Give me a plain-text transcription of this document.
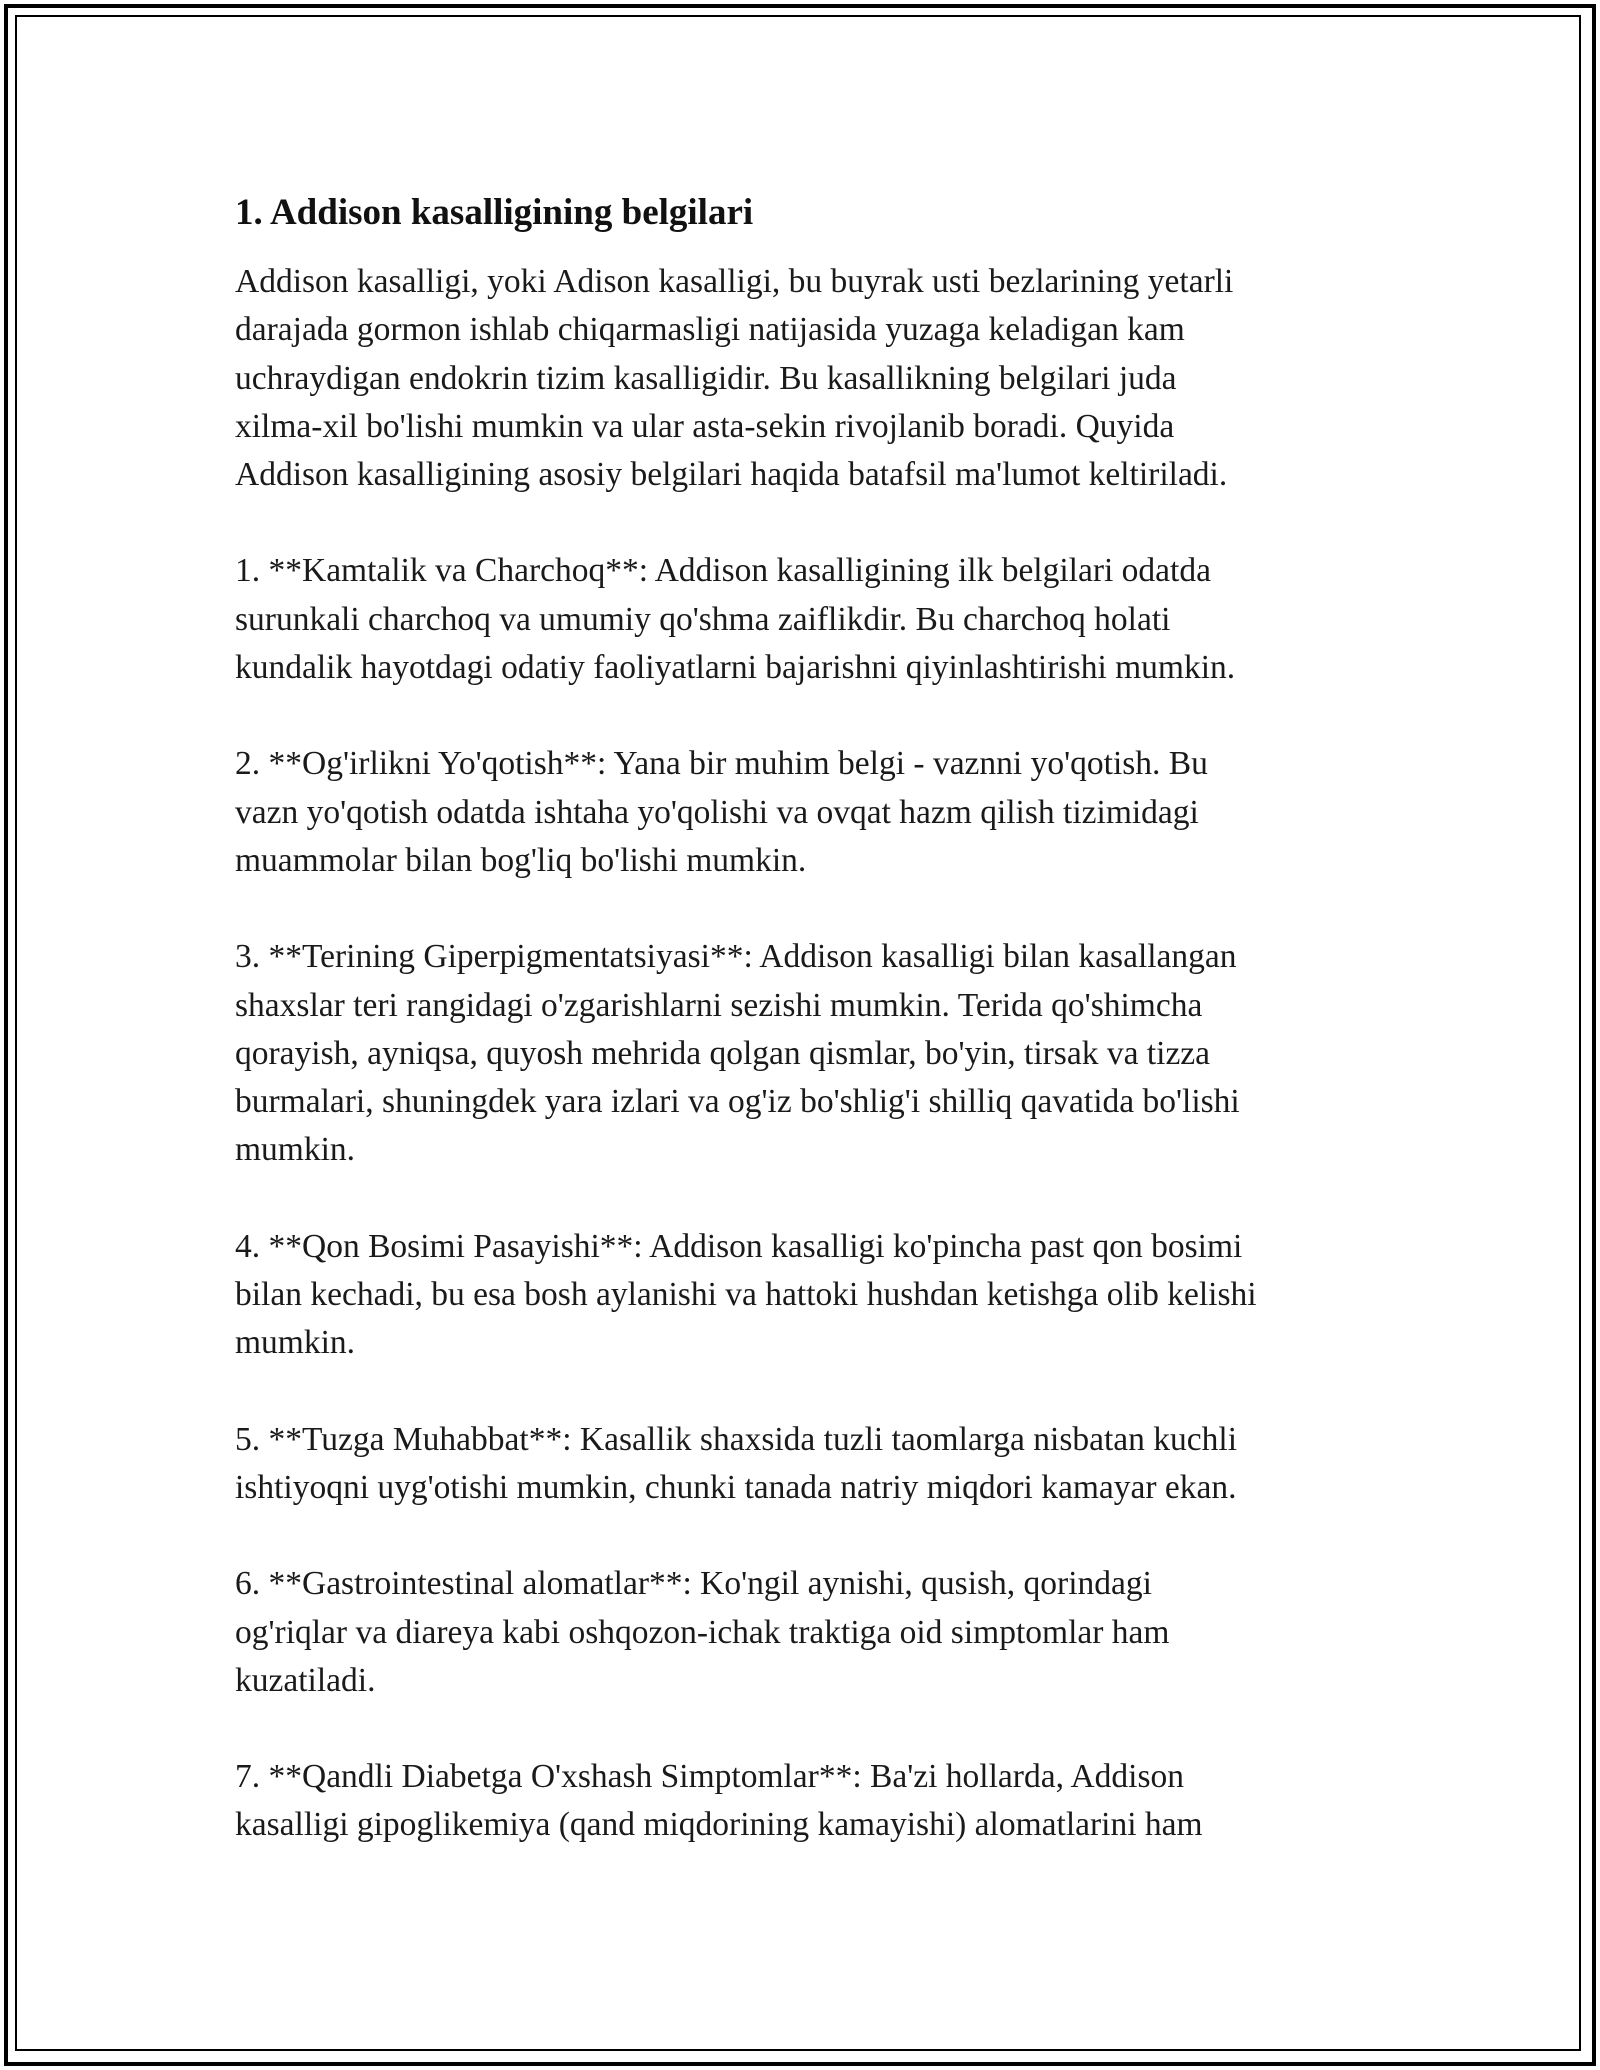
1. Addison kasalligining belgilari

Addison kasalligi, yoki Adison kasalligi, bu buyrak usti bezlarining yetarli
darajada gormon ishlab chiqarmasligi natijasida yuzaga keladigan kam
uchraydigan endokrin tizim kasalligidir. Bu kasallikning belgilari juda
xilma-xil bo'lishi mumkin va ular asta-sekin rivojlanib boradi. Quyida
Addison kasalligining asosiy belgilari haqida batafsil ma'lumot keltiriladi.

1. **Kamtalik va Charchoq**: Addison kasalligining ilk belgilari odatda
surunkali charchoq va umumiy qo'shma zaiflikdir. Bu charchoq holati
kundalik hayotdagi odatiy faoliyatlarni bajarishni qiyinlashtirishi mumkin.

2. **Og'irlikni Yo'qotish**: Yana bir muhim belgi - vaznni yo'qotish. Bu
vazn yo'qotish odatda ishtaha yo'qolishi va ovqat hazm qilish tizimidagi
muammolar bilan bog'liq bo'lishi mumkin.

3. **Terining Giperpigmentatsiyasi**: Addison kasalligi bilan kasallangan
shaxslar teri rangidagi o'zgarishlarni sezishi mumkin. Terida qo'shimcha
qorayish, ayniqsa, quyosh mehrida qolgan qismlar, bo'yin, tirsak va tizza
burmalari, shuningdek yara izlari va og'iz bo'shlig'i shilliq qavatida bo'lishi
mumkin.

4. **Qon Bosimi Pasayishi**: Addison kasalligi ko'pincha past qon bosimi
bilan kechadi, bu esa bosh aylanishi va hattoki hushdan ketishga olib kelishi
mumkin.

5. **Tuzga Muhabbat**: Kasallik shaxsida tuzli taomlarga nisbatan kuchli
ishtiyoqni uyg'otishi mumkin, chunki tanada natriy miqdori kamayar ekan.

6. **Gastrointestinal alomatlar**: Ko'ngil aynishi, qusish, qorindagi
og'riqlar va diareya kabi oshqozon-ichak traktiga oid simptomlar ham
kuzatiladi.

7. **Qandli Diabetga O'xshash Simptomlar**: Ba'zi hollarda, Addison
kasalligi gipoglikemiya (qand miqdorining kamayishi) alomatlarini ham
